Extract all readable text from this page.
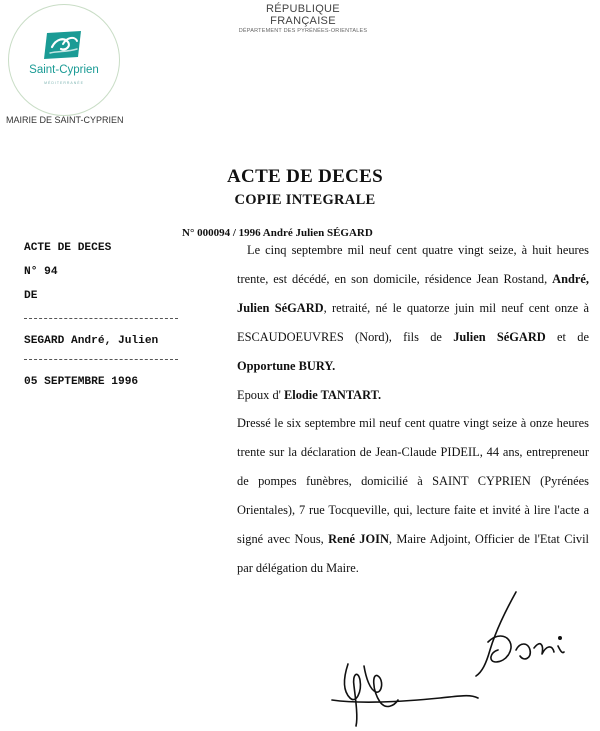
RÉPUBLIQUE FRANÇAISE
DÉPARTEMENT DES PYRÉNÉES-ORIENTALES
Saint-Cyprien
MÉDITERRANÉE
MAIRIE DE SAINT-CYPRIEN
ACTE DE DECES
COPIE INTEGRALE
N° 000094 / 1996 André Julien SÉGARD
ACTE DE DECES
N° 94
DE
SEGARD André, Julien
05 SEPTEMBRE 1996

Le cinq septembre mil neuf cent quatre vingt seize, à huit heures trente, est décédé, en son domicile, résidence Jean Rostand, André, Julien SéGARD, retraité, né le quatorze juin mil neuf cent onze à ESCAUDOEUVRES (Nord), fils de Julien SéGARD et de Opportune BURY.

Epoux d' Elodie TANTART.

Dressé le six septembre mil neuf cent quatre vingt seize à onze heures trente sur la déclaration de Jean-Claude PIDEIL, 44 ans, entrepreneur de pompes funèbres, domicilié à SAINT CYPRIEN (Pyrénées Orientales), 7 rue Tocqueville, qui, lecture faite et invité à lire l'acte a signé avec Nous, René JOIN, Maire Adjoint, Officier de l'Etat Civil par délégation du Maire.
